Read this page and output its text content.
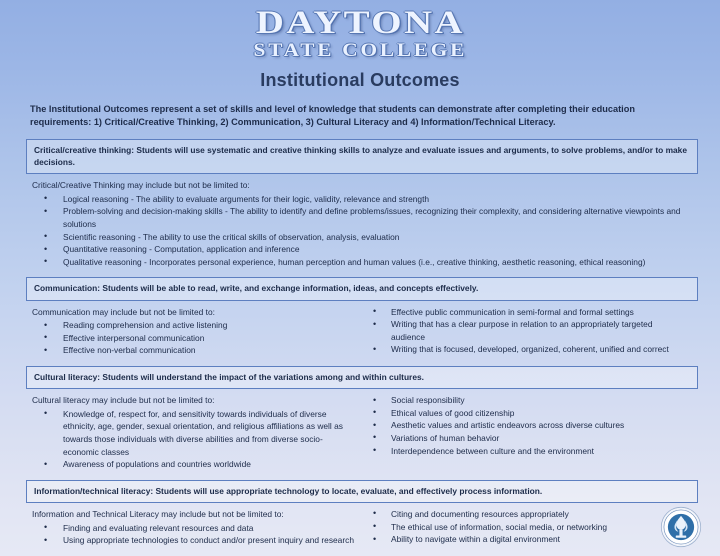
DAYTONA
STATE COLLEGE
Institutional Outcomes
The Institutional Outcomes represent a set of skills and level of knowledge that students can demonstrate after completing their education requirements: 1) Critical/Creative Thinking, 2) Communication, 3) Cultural Literacy and 4) Information/Technical Literacy.
Critical/creative thinking: Students will use systematic and creative thinking skills to analyze and evaluate issues and arguments, to solve problems, and/or to make decisions.
Critical/Creative Thinking may include but not be limited to:
• Logical reasoning - The ability to evaluate arguments for their logic, validity, relevance and strength
• Problem-solving and decision-making skills - The ability to identify and define problems/issues, recognizing their complexity, and considering alternative viewpoints and solutions
• Scientific reasoning - The ability to use the critical skills of observation, analysis, evaluation
• Quantitative reasoning - Computation, application and inference
• Qualitative reasoning - Incorporates personal experience, human perception and human values (i.e., creative thinking, aesthetic reasoning, ethical reasoning)
Communication: Students will be able to read, write, and exchange information, ideas, and concepts effectively.
Communication may include but not be limited to:
• Reading comprehension and active listening
• Effective interpersonal communication
• Effective non-verbal communication
• Effective public communication in semi-formal and formal settings
• Writing that has a clear purpose in relation to an appropriately targeted audience
• Writing that is focused, developed, organized, coherent, unified and correct
Cultural literacy: Students will understand the impact of the variations among and within cultures.
Cultural literacy may include but not be limited to:
• Knowledge of, respect for, and sensitivity towards individuals of diverse ethnicity, age, gender, sexual orientation, and religious affiliations as well as towards those individuals with diverse abilities and from diverse socio-economic classes
• Awareness of populations and countries worldwide
• Social responsibility
• Ethical values of good citizenship
• Aesthetic values and artistic endeavors across diverse cultures
• Variations of human behavior
• Interdependence between culture and the environment
Information/technical literacy: Students will use appropriate technology to locate, evaluate, and effectively process information.
Information and Technical Literacy may include but not be limited to:
• Finding and evaluating relevant resources and data
• Using appropriate technologies to conduct and/or present inquiry and research
• Citing and documenting resources appropriately
• The ethical use of information, social media, or networking
• Ability to navigate within a digital environment
